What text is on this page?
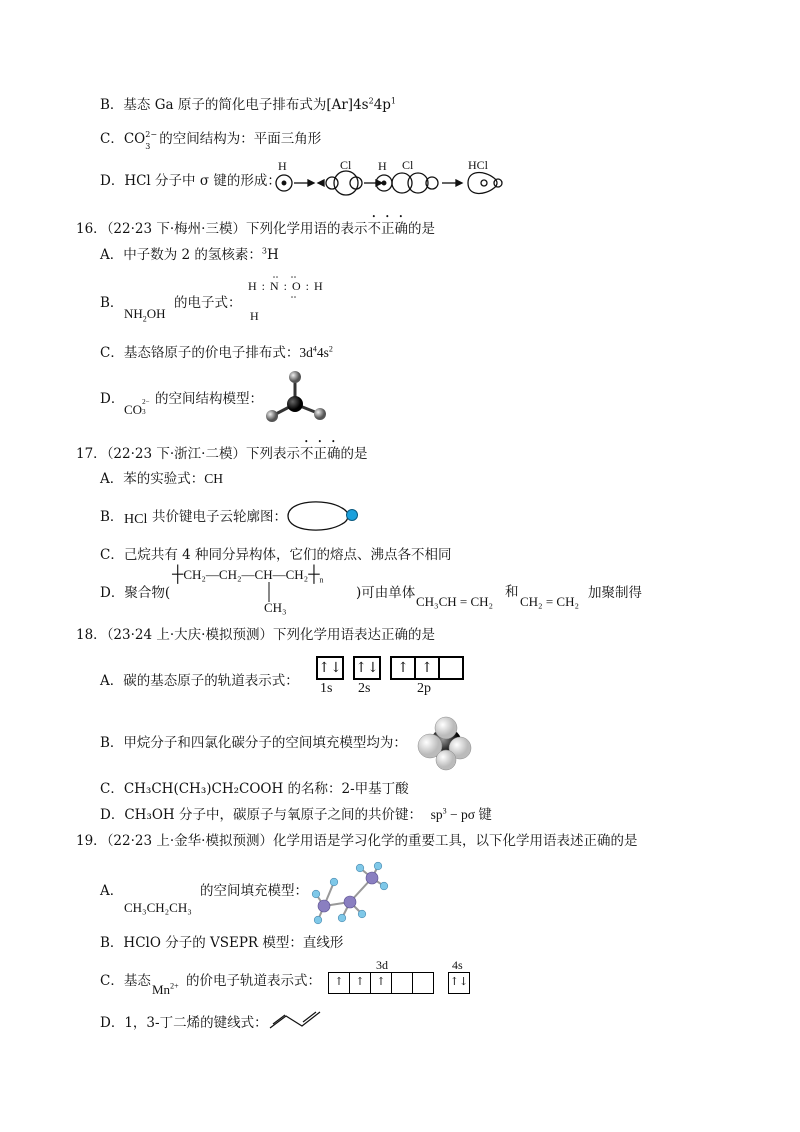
B．基态 Ga 原子的简化电子排布式为$[Ar]4s^24p^1$
C．CO 2−
3 的空间结构为：平面三角形
D．HCl 分子中 σ 键的形成：
H	Cl H Cl	HCl
16．（22·23 下·梅州·三模）下列化学用语的表示不正确的是
A．中子数为 2 的氢核素：$^3$H
B．
$NH_2OH$
的电子式：
H : N : O : H
H
C．基态铬原子的价电子排布式：$3d^44s^2$
D．
CO 2−
3
的空间结构模型：
17．（22·23 下·浙江·二模）下列表示不正确的是
A．苯的实验式：CH
B． HCl 共价键电子云轮廓图：
C．己烷共有 4 种同分异构体，它们的熔点、沸点各不相同
D．聚合物(
$┼CH_2—CH_2—CH—CH_2┼_n$
CH₃
)可由单体
CH₃CH = CH₂
和
CH₂ = CH₂
加聚制得
18．（23·24 上·大庆·模拟预测）下列化学用语表达正确的是
A．碳的基态原子的轨道表示式：
↑↓ ↑↓	↑ ↑
1s 2s	2p
B．甲烷分子和四氯化碳分子的空间填充模型均为：
C．CH₃CH(CH₃)CH₂COOH 的名称：2-甲基丁酸
D．CH₃OH 分子中，碳原子与氧原子之间的共价键： $sp^3 - p\sigma$ 键
19．（22·23 上·金华·模拟预测）化学用语是学习化学的重要工具，以下化学用语表述正确的是
A．
CH₃CH₂CH₃
的空间填充模型：
B．HClO 分子的 VSEPR 模型：直线形
C．基态
$Mn^{2+}$ 的价电子轨道表示式：
3d	4s
↑	↑	↑	↑↓
D．1，3-丁二烯的键线式：
